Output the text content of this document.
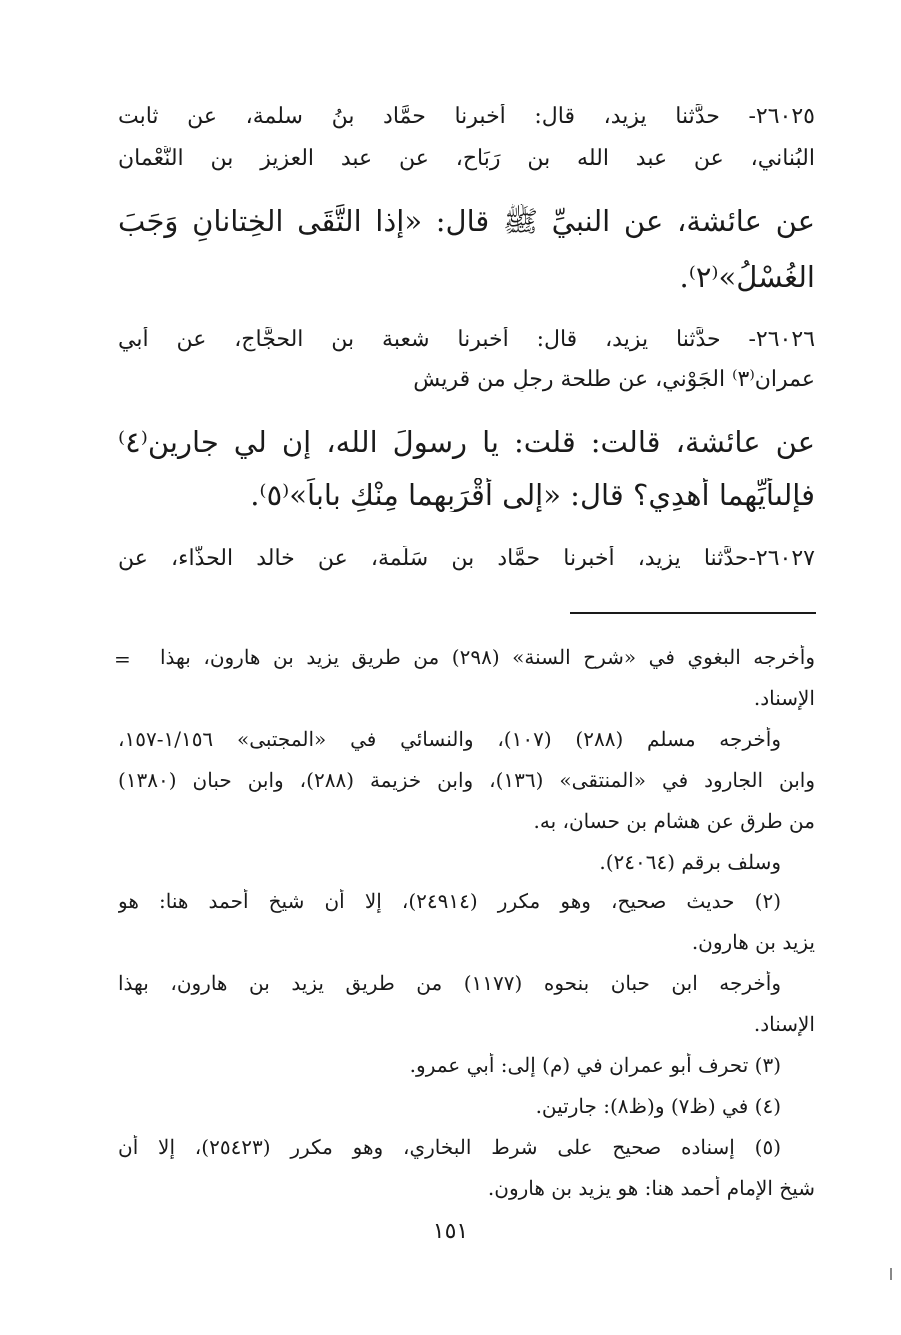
٢٦٠٢٥- حدَّثنا يزيد، قال: أخبرنا حمَّاد بنُ سلمة، عن ثابت
البُناني، عن عبد الله بن رَبَاح، عن عبد العزيز بن النُّعْمان
عن عائشة، عن النبيِّ ﷺ قال: «إذا التَّقَى الخِتانانِ وَجَبَ
الغُسْلُ»⁽٢⁾.
٢٦٠٢٦- حدَّثنا يزيد، قال: أخبرنا شعبة بن الحجَّاج، عن أبي
عمران⁽٣⁾ الجَوْني، عن طلحة رجلٍ من قريش
عن عائشة، قالت: قلت: يا رسولَ الله، إن لي جارين⁽٤⁾
فإلىأيِّهما أُهدِي؟ قال: «إلى أَقْرَبِهما مِنْكِ باباً»⁽٥⁾.
٢٦٠٢٧-حدَّثنا يزيد، أخبرنا حمَّاد بن سَلَمة، عن خالد الحذَّاء، عن
= وأخرجه البغوي في «شرح السنة» (٢٩٨) من طريق يزيد بن هارون، بهذا
الإسناد.
وأخرجه مسلم (٢٨٨) (١٠٧)، والنسائي في «المجتبى» ١/١٥٦-١٥٧،
وابن الجارود في «المنتقى» (١٣٦)، وابن خزيمة (٢٨٨)، وابن حبان (١٣٨٠)
من طرق عن هشام بن حسان، به.
وسلف برقم (٢٤٠٦٤).
(٢) حديث صحيح، وهو مكرر (٢٤٩١٤)، إلا أن شيخ أحمد هنا: هو
يزيد بن هارون.
وأخرجه ابن حبان بنحوه (١١٧٧) من طريق يزيد بن هارون، بهذا
الإسناد.
(٣) تحرف أبو عمران في (م) إلى: أبي عمرو.
(٤) في (ظ٧) و(ظ٨): جارتين.
(٥) إسناده صحيح على شرط البخاري، وهو مكرر (٢٥٤٢٣)، إلا أن
شيخ الإمام أحمد هنا: هو يزيد بن هارون.
١٥١
